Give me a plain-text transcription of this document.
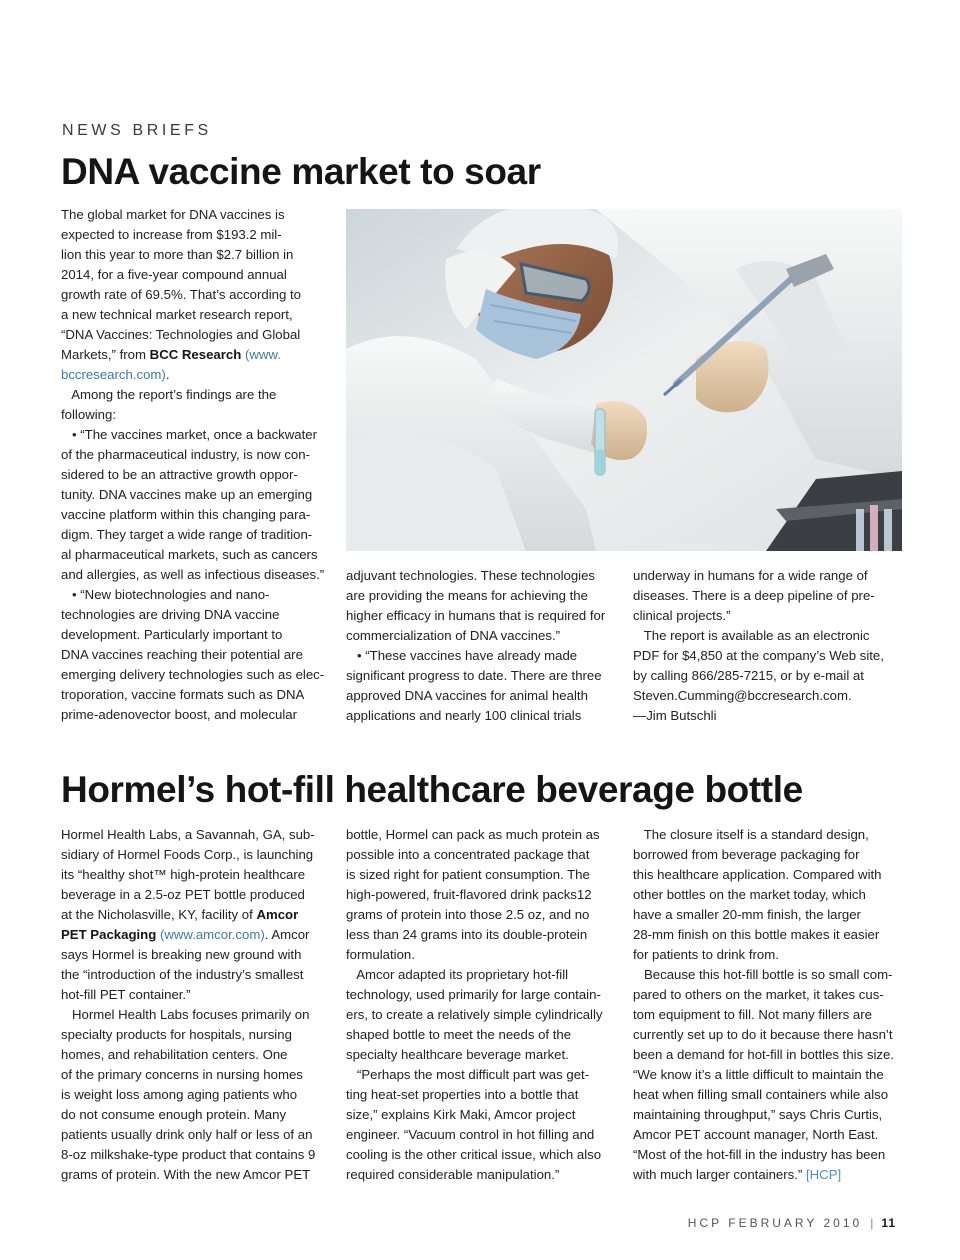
NEWS BRIEFS
DNA vaccine market to soar

The global market for DNA vaccines is

expected to increase from $193.2 mil-

lion this year to more than $2.7 billion in

2014, for a five-year compound annual

growth rate of 69.5%. That’s according to

a new technical market research report,

“DNA Vaccines: Technologies and Global

Markets,” from BCC Research (www.

bccresearch.com).

Among the report’s findings are the

following:

• “The vaccines market, once a backwater

of the pharmaceutical industry, is now con-

sidered to be an attractive growth oppor-

tunity. DNA vaccines make up an emerging

vaccine platform within this changing para-

digm. They target a wide range of tradition-

al pharmaceutical markets, such as cancers

and allergies, as well as infectious diseases.”

• “New biotechnologies and nano-

technologies are driving DNA vaccine

development. Particularly important to

DNA vaccines reaching their potential are

emerging delivery technologies such as elec-

troporation, vaccine formats such as DNA

prime-adenovector boost, and molecular

adjuvant technologies. These technologies

are providing the means for achieving the

higher efficacy in humans that is required for

commercialization of DNA vaccines.”

• “These vaccines have already made

significant progress to date. There are three

approved DNA vaccines for animal health

applications and nearly 100 clinical trials

underway in humans for a wide range of

diseases. There is a deep pipeline of pre-

clinical projects.”

The report is available as an electronic

PDF for $4,850 at the company’s Web site,

by calling 866/285-7215, or by e-mail at

Steven.Cumming@bccresearch.com.

—Jim Butschli

Hormel’s hot-fill healthcare beverage bottle

Hormel Health Labs, a Savannah, GA, sub-

sidiary of Hormel Foods Corp., is launching

its “healthy shot™ high-protein healthcare

beverage in a 2.5-oz PET bottle produced

at the Nicholasville, KY, facility of Amcor

PET Packaging (www.amcor.com). Amcor

says Hormel is breaking new ground with

the “introduction of the industry’s smallest

hot-fill PET container.”

Hormel Health Labs focuses primarily on

specialty products for hospitals, nursing

homes, and rehabilitation centers. One

of the primary concerns in nursing homes

is weight loss among aging patients who

do not consume enough protein. Many

patients usually drink only half or less of an

8-oz milkshake-type product that contains 9

grams of protein. With the new Amcor PET

bottle, Hormel can pack as much protein as

possible into a concentrated package that

is sized right for patient consumption. The

high-powered, fruit-flavored drink packs12

grams of protein into those 2.5 oz, and no

less than 24 grams into its double-protein

formulation.

Amcor adapted its proprietary hot-fill

technology, used primarily for large contain-

ers, to create a relatively simple cylindrically

shaped bottle to meet the needs of the

specialty healthcare beverage market.

“Perhaps the most difficult part was get-

ting heat-set properties into a bottle that

size,” explains Kirk Maki, Amcor project

engineer. “Vacuum control in hot filling and

cooling is the other critical issue, which also

required considerable manipulation.”

The closure itself is a standard design,

borrowed from beverage packaging for

this healthcare application. Compared with

other bottles on the market today, which

have a smaller 20-mm finish, the larger

28-mm finish on this bottle makes it easier

for patients to drink from.

Because this hot-fill bottle is so small com-

pared to others on the market, it takes cus-

tom equipment to fill. Not many fillers are

currently set up to do it because there hasn’t

been a demand for hot-fill in bottles this size.

“We know it’s a little difficult to maintain the

heat when filling small containers while also

maintaining throughput,” says Chris Curtis,

Amcor PET account manager, North East.

“Most of the hot-fill in the industry has been

with much larger containers.” [HCP]

HCP FEBRUARY 2010 | 11
